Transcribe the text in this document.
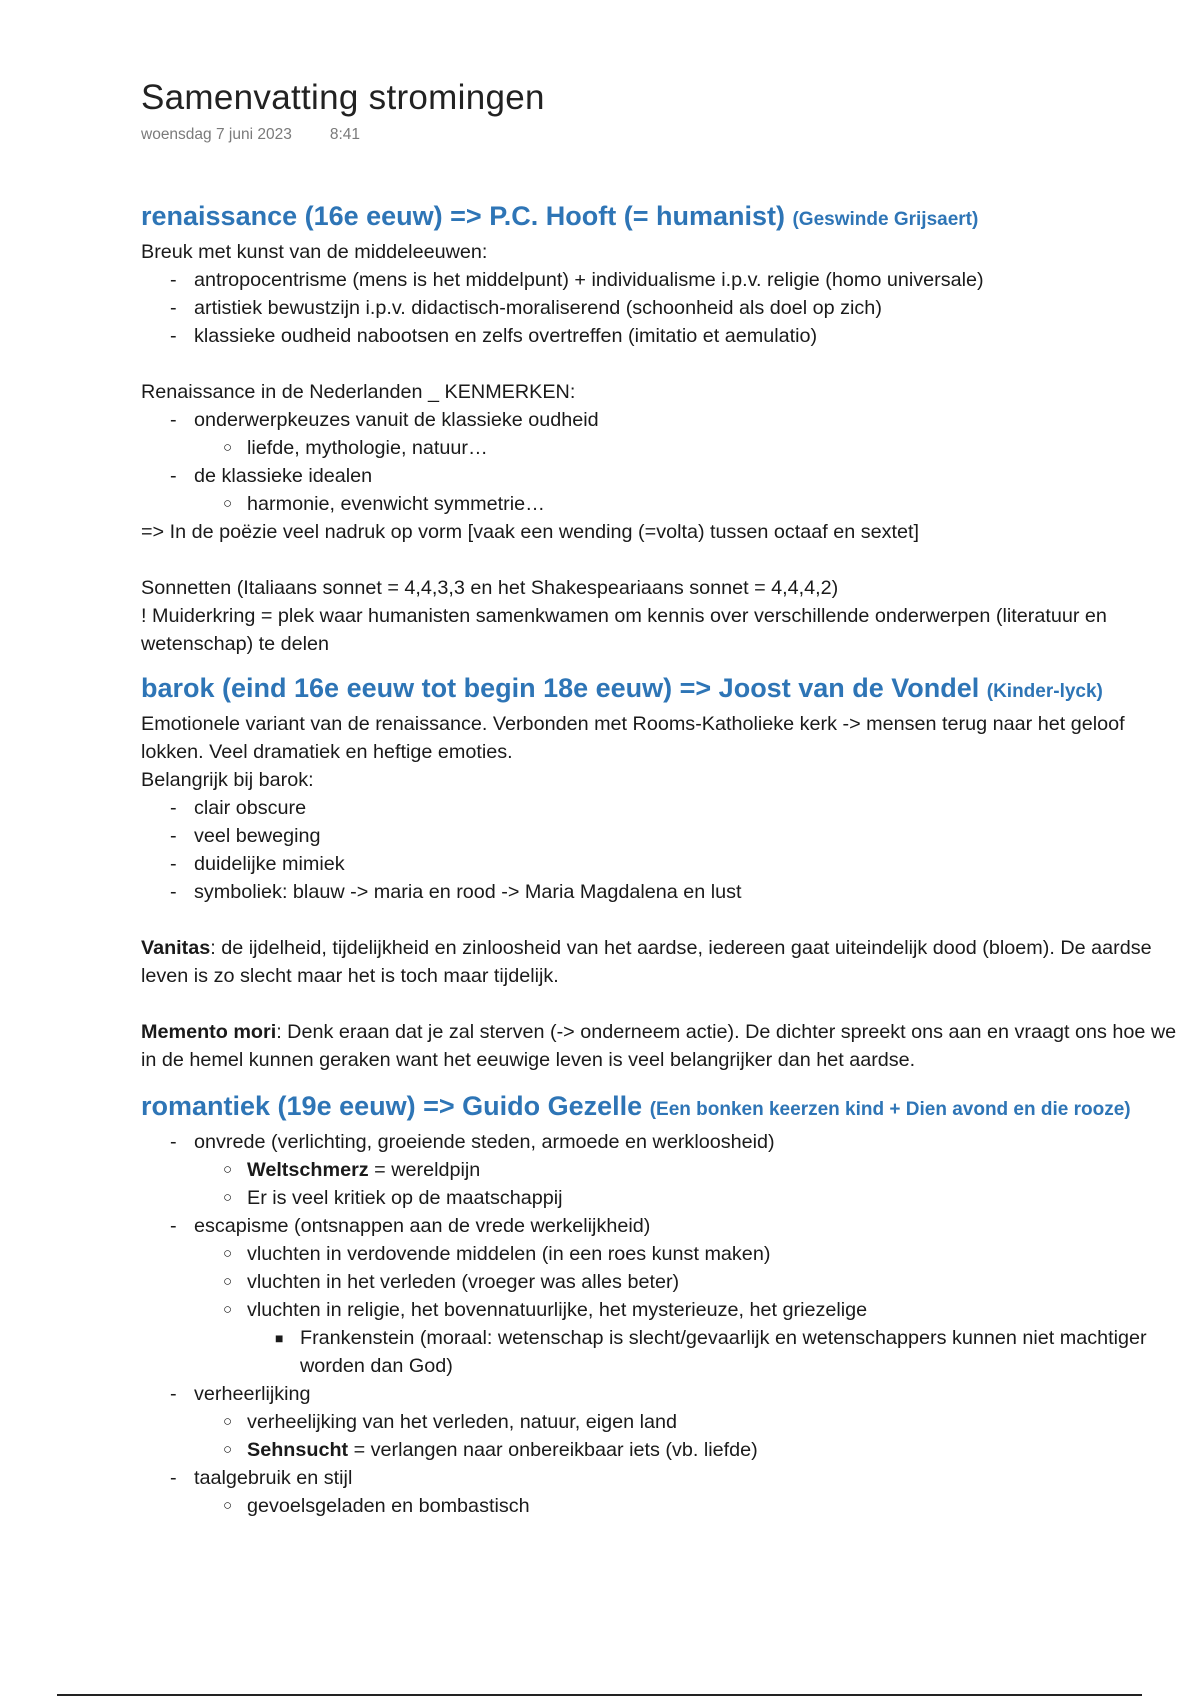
Samenvatting stromingen
woensdag 7 juni 2023 8:41
renaissance (16e eeuw) => P.C. Hooft (= humanist) (Geswinde Grijsaert)
Breuk met kunst van de middeleeuwen:
- antropocentrisme (mens is het middelpunt) + individualisme i.p.v. religie (homo universale)
- artistiek bewustzijn i.p.v. didactisch-moraliserend (schoonheid als doel op zich)
- klassieke oudheid nabootsen en zelfs overtreffen (imitatio et aemulatio)
Renaissance in de Nederlanden _ KENMERKEN:
- onderwerpkeuzes vanuit de klassieke oudheid
○ liefde, mythologie, natuur…
- de klassieke idealen
○ harmonie, evenwicht symmetrie…
=> In de poëzie veel nadruk op vorm [vaak een wending (=volta) tussen octaaf en sextet]
Sonnetten (Italiaans sonnet = 4,4,3,3 en het Shakespeariaans sonnet = 4,4,4,2)
! Muiderkring = plek waar humanisten samenkwamen om kennis over verschillende onderwerpen (literatuur en wetenschap) te delen
barok (eind 16e eeuw tot begin 18e eeuw) => Joost van de Vondel (Kinder-lyck)
Emotionele variant van de renaissance. Verbonden met Rooms-Katholieke kerk -> mensen terug naar het geloof lokken. Veel dramatiek en heftige emoties.
Belangrijk bij barok:
- clair obscure
- veel beweging
- duidelijke mimiek
- symboliek: blauw -> maria en rood -> Maria Magdalena en lust
Vanitas: de ijdelheid, tijdelijkheid en zinloosheid van het aardse, iedereen gaat uiteindelijk dood (bloem). De aardse leven is zo slecht maar het is toch maar tijdelijk.
Memento mori: Denk eraan dat je zal sterven (-> onderneem actie). De dichter spreekt ons aan en vraagt ons hoe we in de hemel kunnen geraken want het eeuwige leven is veel belangrijker dan het aardse.
romantiek (19e eeuw) => Guido Gezelle (Een bonken keerzen kind + Dien avond en die rooze)
- onvrede (verlichting, groeiende steden, armoede en werkloosheid)
○ Weltschmerz = wereldpijn
○ Er is veel kritiek op de maatschappij
- escapisme (ontsnappen aan de vrede werkelijkheid)
○ vluchten in verdovende middelen (in een roes kunst maken)
○ vluchten in het verleden (vroeger was alles beter)
○ vluchten in religie, het bovennatuurlijke, het mysterieuze, het griezelige
■ Frankenstein (moraal: wetenschap is slecht/gevaarlijk en wetenschappers kunnen niet machtiger worden dan God)
- verheerlijking
○ verheelijking van het verleden, natuur, eigen land
○ Sehnsucht = verlangen naar onbereikbaar iets (vb. liefde)
- taalgebruik en stijl
○ gevoelsgeladen en bombastisch
